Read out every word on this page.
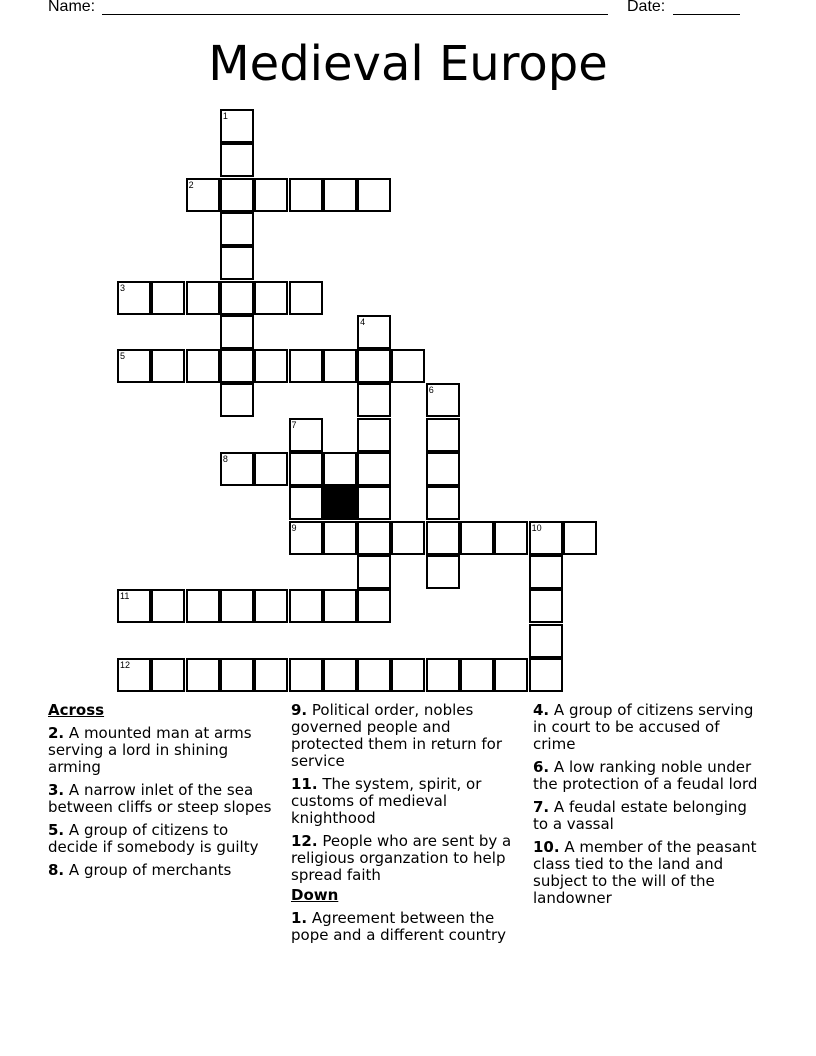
Name:	Date:
Medieval Europe
1
2
3
4
5
6
7
9
8
10
11
12
Across
2. A mounted man at arms serving a lord in shining arming
3. A narrow inlet of the sea between cliffs or steep slopes
5. A group of citizens to decide if somebody is guilty
8. A group of merchants
9. Political order, nobles governed people and protected them in return for service
11. The system, spirit, or customs of medieval knighthood
12. People who are sent by a religious organzation to help spread faith
Down
1. Agreement between the pope and a different country
4. A group of citizens serving in court to be accused of crime
6. A low ranking noble under the protection of a feudal lord
7. A feudal estate belonging to a vassal
10. A member of the peasant class tied to the land and subject to the will of the landowner
